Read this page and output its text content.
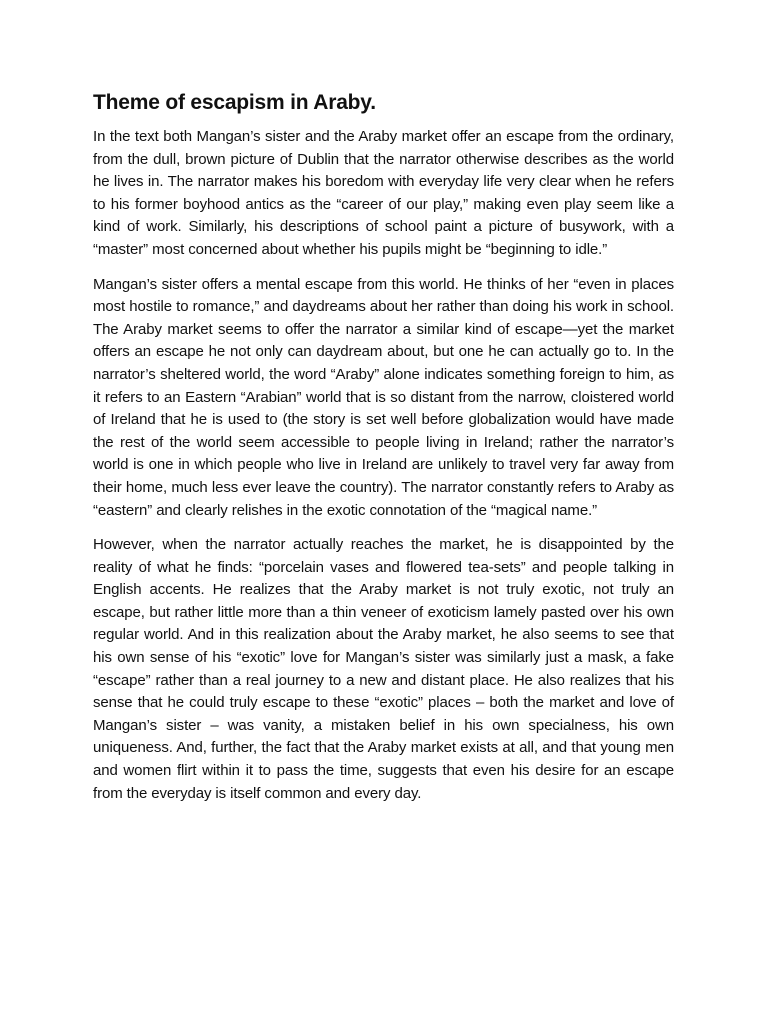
Theme of escapism in Araby.

In the text both Mangan’s sister and the Araby market offer an escape from the ordinary, from the dull, brown picture of Dublin that the narrator otherwise describes as the world he lives in. The narrator makes his boredom with everyday life very clear when he refers to his former boyhood antics as the “career of our play,” making even play seem like a kind of work. Similarly, his descriptions of school paint a picture of busywork, with a “master” most concerned about whether his pupils might be “beginning to idle.”

Mangan’s sister offers a mental escape from this world. He thinks of her “even in places most hostile to romance,” and daydreams about her rather than doing his work in school. The Araby market seems to offer the narrator a similar kind of escape—yet the market offers an escape he not only can daydream about, but one he can actually go to. In the narrator’s sheltered world, the word “Araby” alone indicates something foreign to him, as it refers to an Eastern “Arabian” world that is so distant from the narrow, cloistered world of Ireland that he is used to (the story is set well before globalization would have made the rest of the world seem accessible to people living in Ireland; rather the narrator’s world is one in which people who live in Ireland are unlikely to travel very far away from their home, much less ever leave the country). The narrator constantly refers to Araby as “eastern” and clearly relishes in the exotic connotation of the “magical name.”

However, when the narrator actually reaches the market, he is disappointed by the reality of what he finds: “porcelain vases and flowered tea-sets” and people talking in English accents. He realizes that the Araby market is not truly exotic, not truly an escape, but rather little more than a thin veneer of exoticism lamely pasted over his own regular world. And in this realization about the Araby market, he also seems to see that his own sense of his “exotic” love for Mangan’s sister was similarly just a mask, a fake “escape” rather than a real journey to a new and distant place. He also realizes that his sense that he could truly escape to these “exotic” places – both the market and love of Mangan’s sister – was vanity, a mistaken belief in his own specialness, his own uniqueness. And, further, the fact that the Araby market exists at all, and that young men and women flirt within it to pass the time, suggests that even his desire for an escape from the everyday is itself common and every day.
